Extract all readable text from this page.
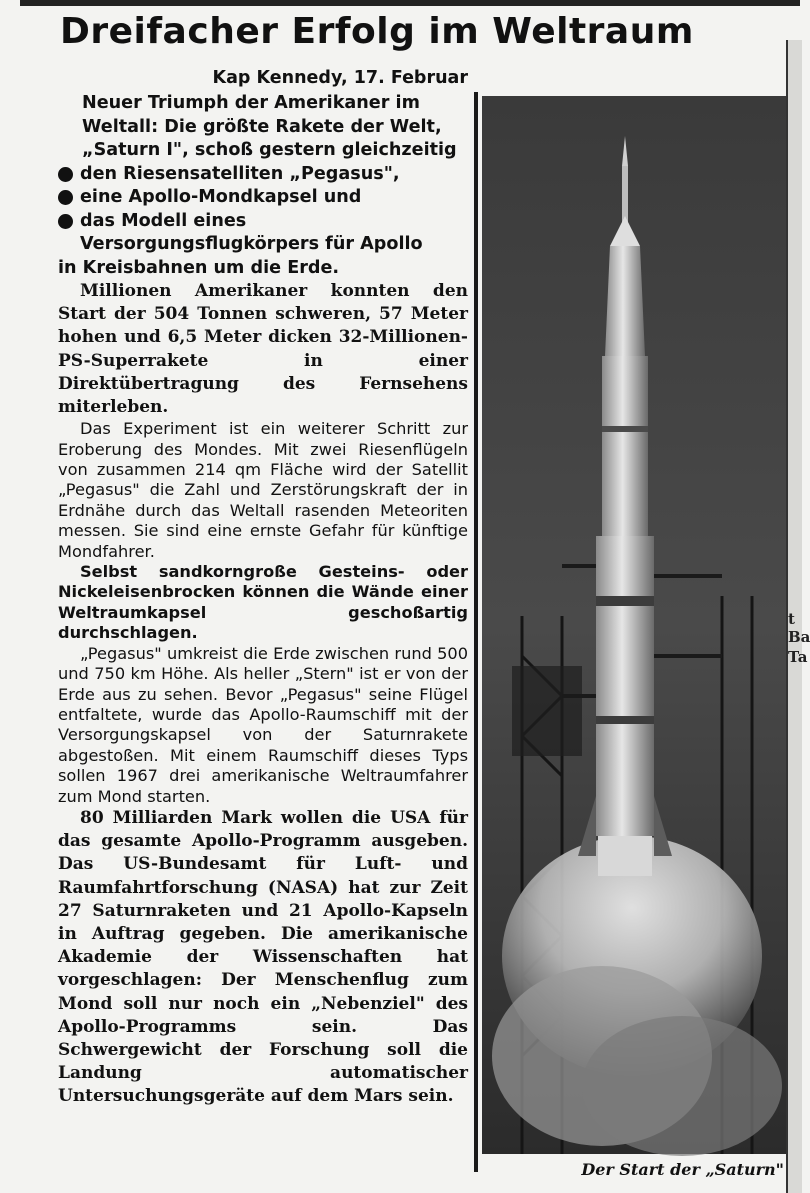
Dreifacher Erfolg im Weltraum
Kap Kennedy, 17. Februar
Neuer Triumph der Amerikaner im Weltall: Die größte Rakete der Welt, „Saturn I", schoß gestern gleichzeitig
den Riesensatelliten „Pegasus",
eine Apollo-Mondkapsel und
das Modell eines Versorgungsflugkörpers für Apollo
in Kreisbahnen um die Erde.

Millionen Amerikaner konnten den Start der 504 Tonnen schweren, 57 Meter hohen und 6,5 Meter dicken 32-Millionen-PS-Superrakete in einer Direktübertragung des Fernsehens miterleben.

Das Experiment ist ein weiterer Schritt zur Eroberung des Mondes. Mit zwei Riesenflügeln von zusammen 214 qm Fläche wird der Satellit „Pegasus" die Zahl und Zerstörungskraft der in Erdnähe durch das Weltall rasenden Meteoriten messen. Sie sind eine ernste Gefahr für künftige Mondfahrer.

Selbst sandkorngroße Gesteins- oder Nickeleisenbrocken können die Wände einer Weltraumkapsel geschoßartig durchschlagen.

„Pegasus" umkreist die Erde zwischen rund 500 und 750 km Höhe. Als heller „Stern" ist er von der Erde aus zu sehen. Bevor „Pegasus" seine Flügel entfaltete, wurde das Apollo-Raumschiff mit der Versorgungskapsel von der Saturnrakete abgestoßen. Mit einem Raumschiff dieses Typs sollen 1967 drei amerikanische Weltraumfahrer zum Mond starten.

80 Milliarden Mark wollen die USA für das gesamte Apollo-Programm ausgeben. Das US-Bundesamt für Luft- und Raumfahrtforschung (NASA) hat zur Zeit 27 Saturnraketen und 21 Apollo-Kapseln in Auftrag gegeben. Die amerikanische Akademie der Wissenschaften hat vorgeschlagen: Der Menschenflug zum Mond soll nur noch ein „Nebenziel" des Apollo-Programms sein. Das Schwergewicht der Forschung soll die Landung automatischer Untersuchungsgeräte auf dem Mars sein.

Der Start der „Saturn"
t
Ba
Ta
